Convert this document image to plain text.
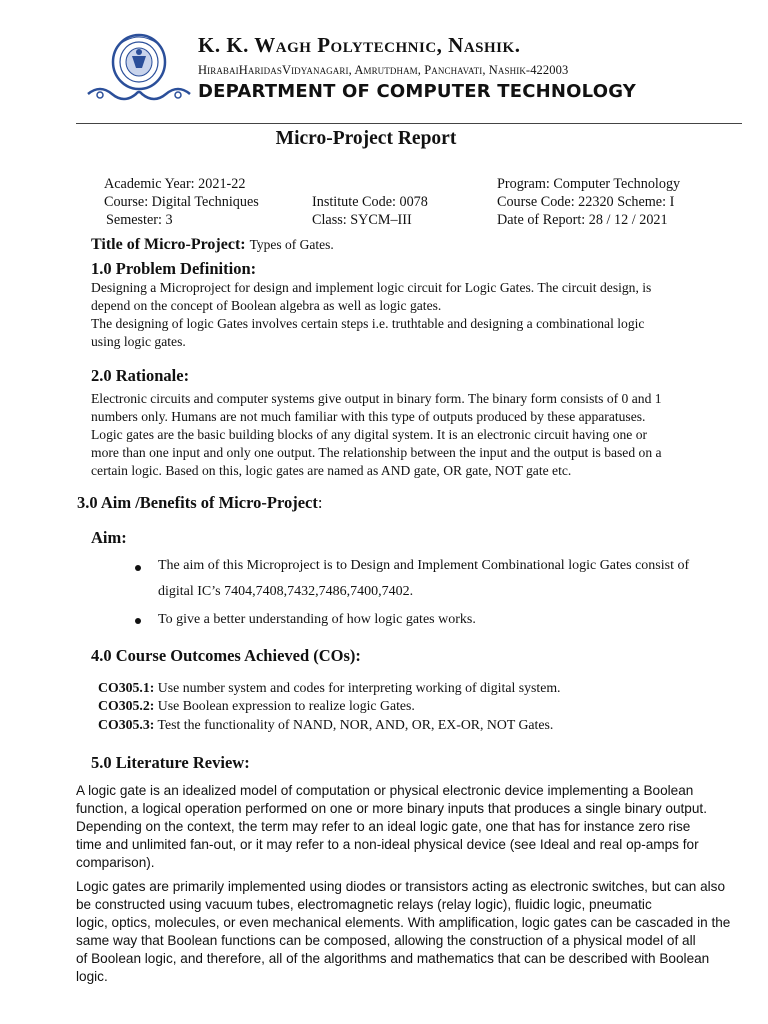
K. K. Wagh Polytechnic, Nashik.
HirabaiHaridasVidyanagari, Amrutdham, Panchavati, Nashik-422003
DEPARTMENT OF COMPUTER TECHNOLOGY
Micro-Project Report
Academic Year: 2021-22
Course: Digital Techniques
Semester: 3
Institute Code: 0078
Class: SYCM–III
Program: Computer Technology
Course Code: 22320 Scheme: I
Date of Report: 28 / 12 / 2021
Title of Micro-Project: Types of Gates.
1.0 Problem Definition:
Designing a Microproject for design and implement logic circuit for Logic Gates. The circuit design, is
depend on the concept of Boolean algebra as well as logic gates.
The designing of logic Gates involves certain steps i.e. truthtable and designing a combinational logic
using logic gates.
2.0 Rationale:
Electronic circuits and computer systems give output in binary form. The binary form consists of 0 and 1
numbers only. Humans are not much familiar with this type of outputs produced by these apparatuses.
Logic gates are the basic building blocks of any digital system. It is an electronic circuit having one or
more than one input and only one output. The relationship between the input and the output is based on a
certain logic. Based on this, logic gates are named as AND gate, OR gate, NOT gate etc.
3.0 Aim /Benefits of Micro-Project:
Aim:
The aim of this Microproject is to Design and Implement Combinational logic Gates consist of
digital IC’s 7404,7408,7432,7486,7400,7402.
To give a better understanding of how logic gates works.
4.0 Course Outcomes Achieved (COs):
CO305.1: Use number system and codes for interpreting working of digital system.
CO305.2: Use Boolean expression to realize logic Gates.
CO305.3: Test the functionality of NAND, NOR, AND, OR, EX-OR, NOT Gates.
5.0 Literature Review:
A logic gate is an idealized model of computation or physical electronic device implementing a Boolean
function, a logical operation performed on one or more binary inputs that produces a single binary output.
Depending on the context, the term may refer to an ideal logic gate, one that has for instance zero rise
time and unlimited fan-out, or it may refer to a non-ideal physical device (see Ideal and real op-amps for
comparison).
Logic gates are primarily implemented using diodes or transistors acting as electronic switches, but can also
be constructed using vacuum tubes, electromagnetic relays (relay logic), fluidic logic, pneumatic
logic, optics, molecules, or even mechanical elements. With amplification, logic gates can be cascaded in the
same way that Boolean functions can be composed, allowing the construction of a physical model of all
of Boolean logic, and therefore, all of the algorithms and mathematics that can be described with Boolean
logic.
